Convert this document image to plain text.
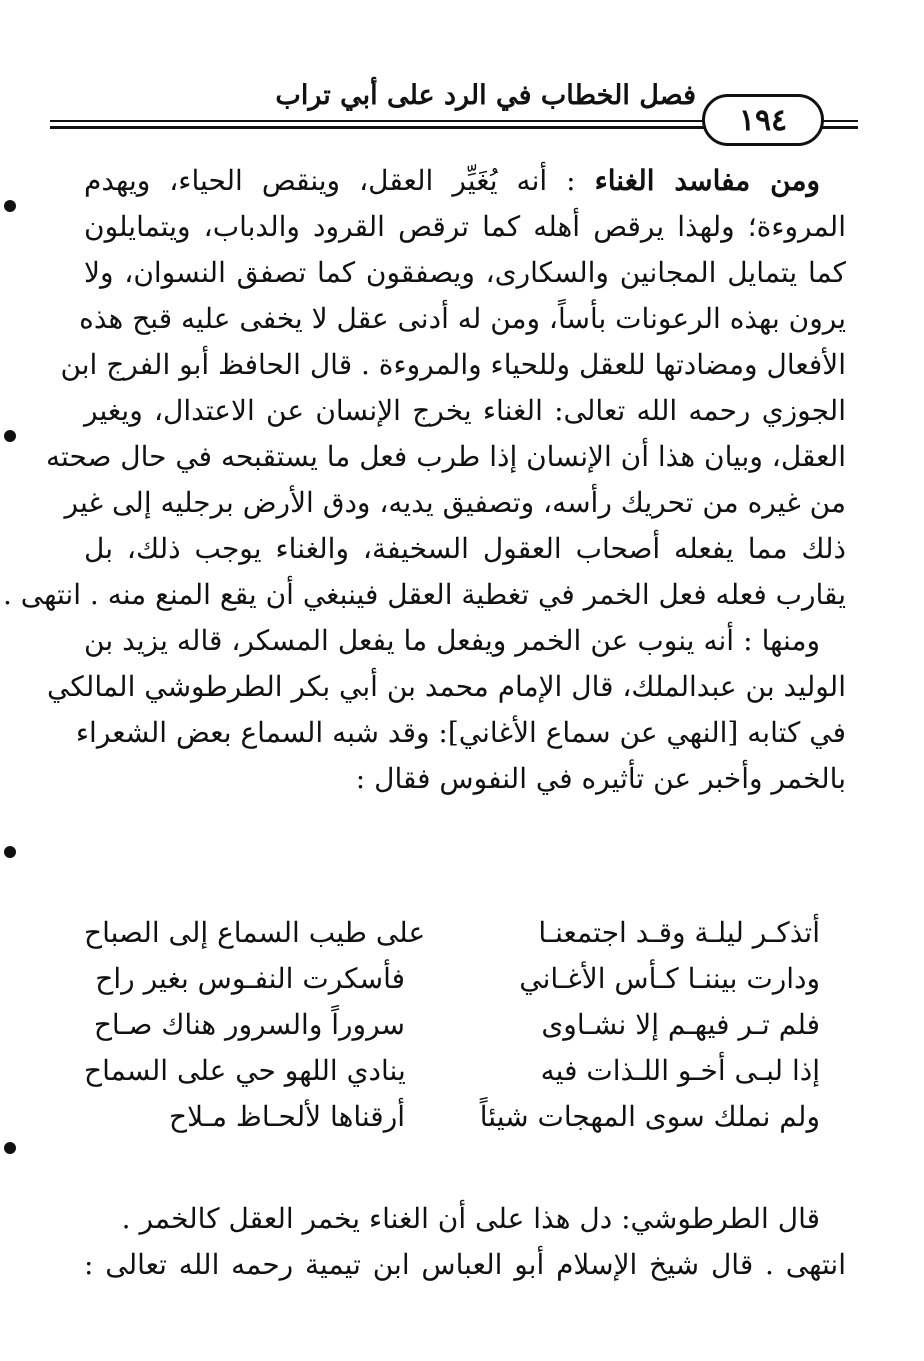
فصل الخطاب في الرد على أبي تراب
١٩٤
ومن مفاسد الغناء : أنه يُغَيِّر العقل، وينقص الحياء، ويهدم
المروءة؛ ولهذا يرقص أهله كما ترقص القرود والدباب، ويتمايلون
كما يتمايل المجانين والسكارى، ويصفقون كما تصفق النسوان، ولا
يرون بهذه الرعونات بأساً، ومن له أدنى عقل لا يخفى عليه قبح هذه
الأفعال ومضادتها للعقل وللحياء والمروءة . قال الحافظ أبو الفرج ابن
الجوزي رحمه الله تعالى: الغناء يخرج الإنسان عن الاعتدال، ويغير
العقل، وبيان هذا أن الإنسان إذا طرب فعل ما يستقبحه في حال صحته
من غيره من تحريك رأسه، وتصفيق يديه، ودق الأرض برجليه إلى غير
ذلك مما يفعله أصحاب العقول السخيفة، والغناء يوجب ذلك، بل
يقارب فعله فعل الخمر في تغطية العقل فينبغي أن يقع المنع منه . انتهى .
ومنها : أنه ينوب عن الخمر ويفعل ما يفعل المسكر، قاله يزيد بن
الوليد بن عبدالملك، قال الإمام محمد بن أبي بكر الطرطوشي المالكي
في كتابه [النهي عن سماع الأغاني]: وقد شبه السماع بعض الشعراء
بالخمر وأخبر عن تأثيره في النفوس فقال :
أتذكـر ليلـة وقـد اجتمعنـا
على طيب السماع إلى الصباح
ودارت بيننـا كـأس الأغـاني
فأسكرت النفـوس بغير راح
فلم تـر فيهـم إلا نشـاوى
سروراً والسرور هناك صـاح
إذا لبـى أخـو اللـذات فيه
ينادي اللهو حي على السماح
ولم نملك سوى المهجات شيئاً
أرقناها لألحـاظ مـلاح
قال الطرطوشي: دل هذا على أن الغناء يخمر العقل كالخمر .
انتهى . قال شيخ الإسلام أبو العباس ابن تيمية رحمه الله تعالى :
